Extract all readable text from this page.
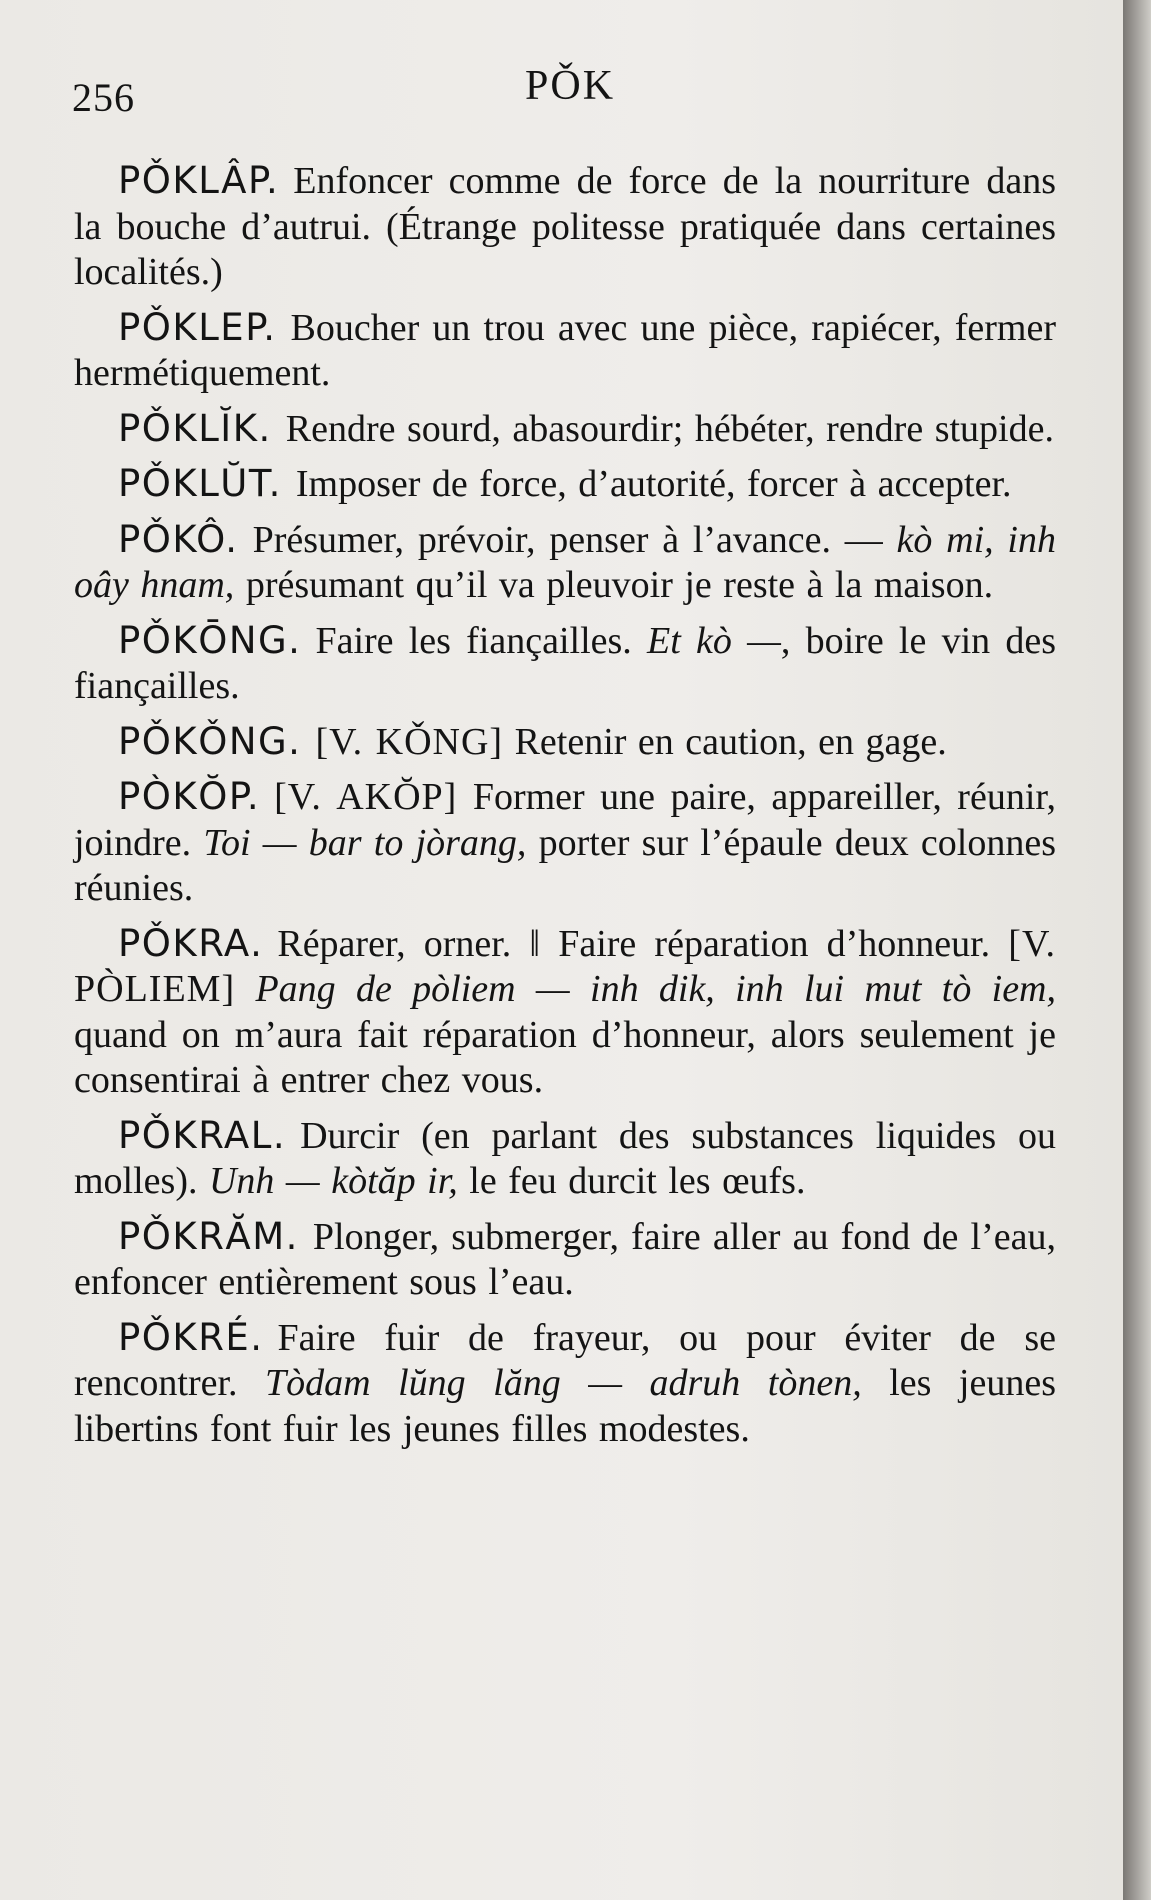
256	PǑK

PǑKLÂP. Enfoncer comme de force de la nourriture dans la bouche d’autrui. (Étrange politesse pratiquée dans certaines localités.)

PǑKLEP. Boucher un trou avec une pièce, rapiécer, fermer hermétiquement.

PǑKLĬK. Rendre sourd, abasourdir; hébéter, rendre stupide.

PǑKLŬT. Imposer de force, d’autorité, forcer à accepter.

PǑKÔ. Présumer, prévoir, penser à l’avance. — kò mi, inh oây hnam, présumant qu’il va pleuvoir je reste à la maison.

PǑKŌNG. Faire les fiançailles. Et kò —, boire le vin des fiançailles.

PǑKǑNG. [V. KǑNG] Retenir en caution, en gage.

PÒKŎP. [V. AKŎP] Former une paire, appareiller, réunir, joindre. Toi — bar to jòrang, porter sur l’épaule deux colonnes réunies.

PǑKRA. Réparer, orner. ‖ Faire réparation d’honneur. [V. PÒLIEM] Pang de pòliem — inh dik, inh lui mut tò iem, quand on m’aura fait réparation d’honneur, alors seulement je consentirai à entrer chez vous.

PǑKRAL. Durcir (en parlant des substances liquides ou molles). Unh — kòtăp ir, le feu durcit les œufs.

PǑKRĂM. Plonger, submerger, faire aller au fond de l’eau, enfoncer entièrement sous l’eau.

PǑKRÉ. Faire fuir de frayeur, ou pour éviter de se rencontrer. Tòdam lŭng lăng — adruh tònen, les jeunes libertins font fuir les jeunes filles modestes.
